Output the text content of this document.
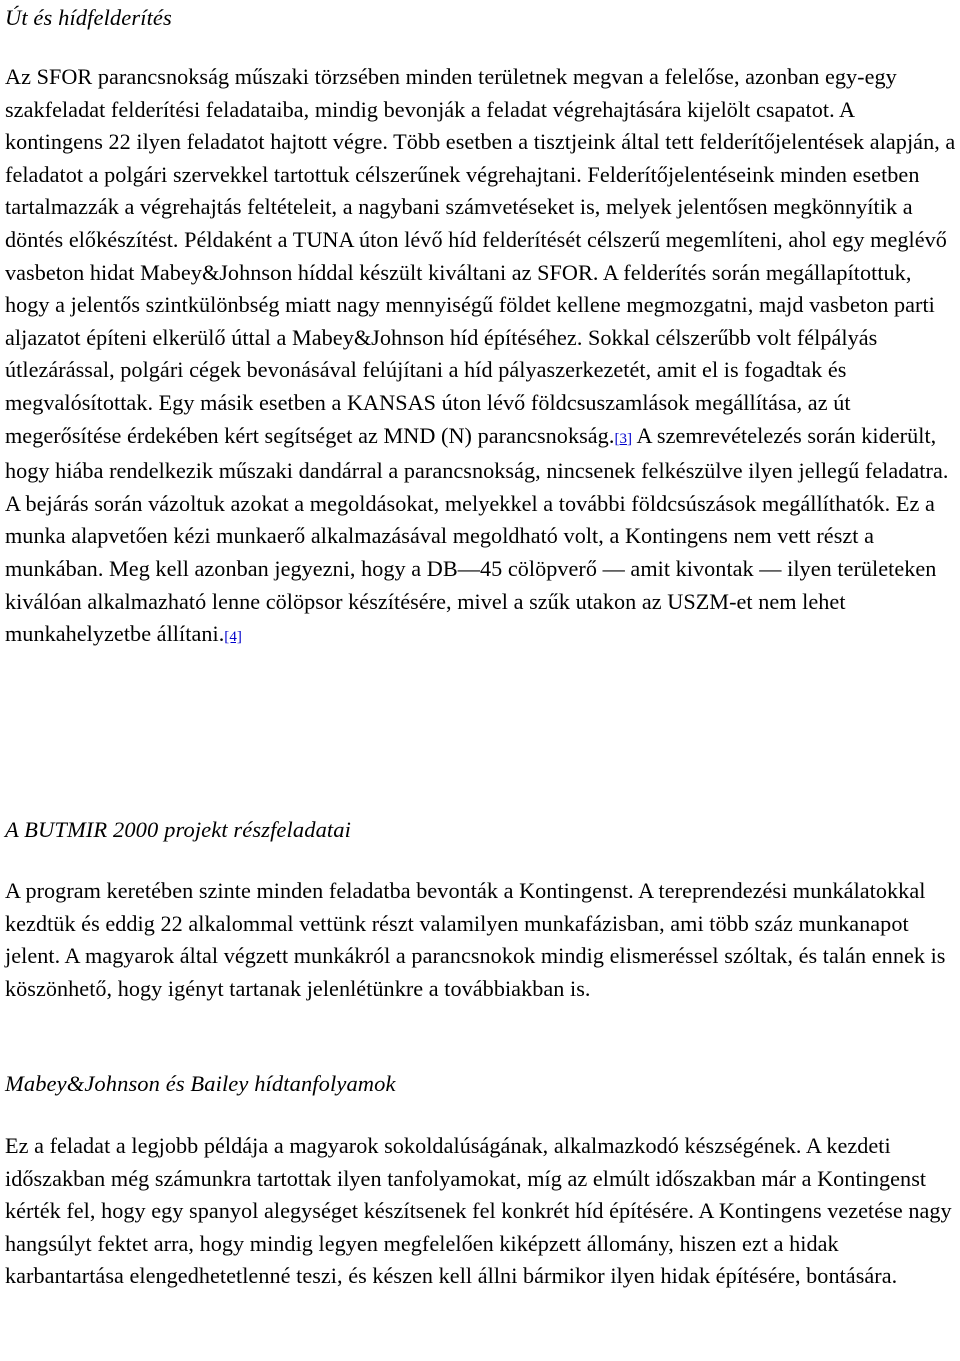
Út és hídfelderítés

Az SFOR parancsnokság műszaki törzsében minden területnek megvan a felelőse, azonban egy-egy szakfeladat felderítési feladataiba, mindig bevonják a feladat végrehajtására kijelölt csapatot. A kontingens 22 ilyen feladatot hajtott végre. Több esetben a tisztjeink által tett felderítőjelentések alapján, a feladatot a polgári szervekkel tartottuk célszerűnek végrehajtani. Felderítőjelentéseink minden esetben tartalmazzák a végrehajtás feltételeit, a nagybani számvetéseket is, melyek jelentősen megkönnyítik a döntés előkészítést. Példaként a TUNA úton lévő híd felderítését célszerű megemlíteni, ahol egy meglévő vasbeton hidat Mabey&Johnson híddal készült kiváltani az SFOR. A felderítés során megállapítottuk, hogy a jelentős szintkülönbség miatt nagy mennyiségű földet kellene megmozgatni, majd vasbeton parti aljazatot építeni elkerülő úttal a Mabey&Johnson híd építéséhez. Sokkal célszerűbb volt félpályás útlezárással, polgári cégek bevonásával felújítani a híd pályaszerkezetét, amit el is fogadtak és megvalósítottak. Egy másik esetben a KANSAS úton lévő földcsuszamlások megállítása, az út megerősítése érdekében kért segítséget az MND (N) parancsnokság.[3] A szemrevételezés során kiderült, hogy hiába rendelkezik műszaki dandárral a parancsnokság, nincsenek felkészülve ilyen jellegű feladatra. A bejárás során vázoltuk azokat a megoldásokat, melyekkel a további földcsúszások megállíthatók. Ez a munka alapvetően kézi munkaerő alkalmazásával megoldható volt, a Kontingens nem vett részt a munkában. Meg kell azonban jegyezni, hogy a DB—45 cölöpverő — amit kivontak — ilyen területeken kiválóan alkalmazható lenne cölöpsor készítésére, mivel a szűk utakon az USZM-et nem lehet munkahelyzetbe állítani.[4]

A BUTMIR 2000 projekt részfeladatai

A program keretében szinte minden feladatba bevonták a Kontingenst. A tereprendezési munkálatokkal kezdtük és eddig 22 alkalommal vettünk részt valamilyen munkafázisban, ami több száz munkanapot jelent. A magyarok által végzett munkákról a parancsnokok mindig elismeréssel szóltak, és talán ennek is köszönhető, hogy igényt tartanak jelenlétünkre a továbbiakban is.

Mabey&Johnson és Bailey hídtanfolyamok

Ez a feladat a legjobb példája a magyarok sokoldalúságának, alkalmazkodó készségének. A kezdeti időszakban még számunkra tartottak ilyen tanfolyamokat, míg az elmúlt időszakban már a Kontingenst kérték fel, hogy egy spanyol alegységet készítsenek fel konkrét híd építésére. A Kontingens vezetése nagy hangsúlyt fektet arra, hogy mindig legyen megfelelően kiképzett állomány, hiszen ezt a hidak karbantartása elengedhetetlenné teszi, és készen kell állni bármikor ilyen hidak építésére, bontására.
